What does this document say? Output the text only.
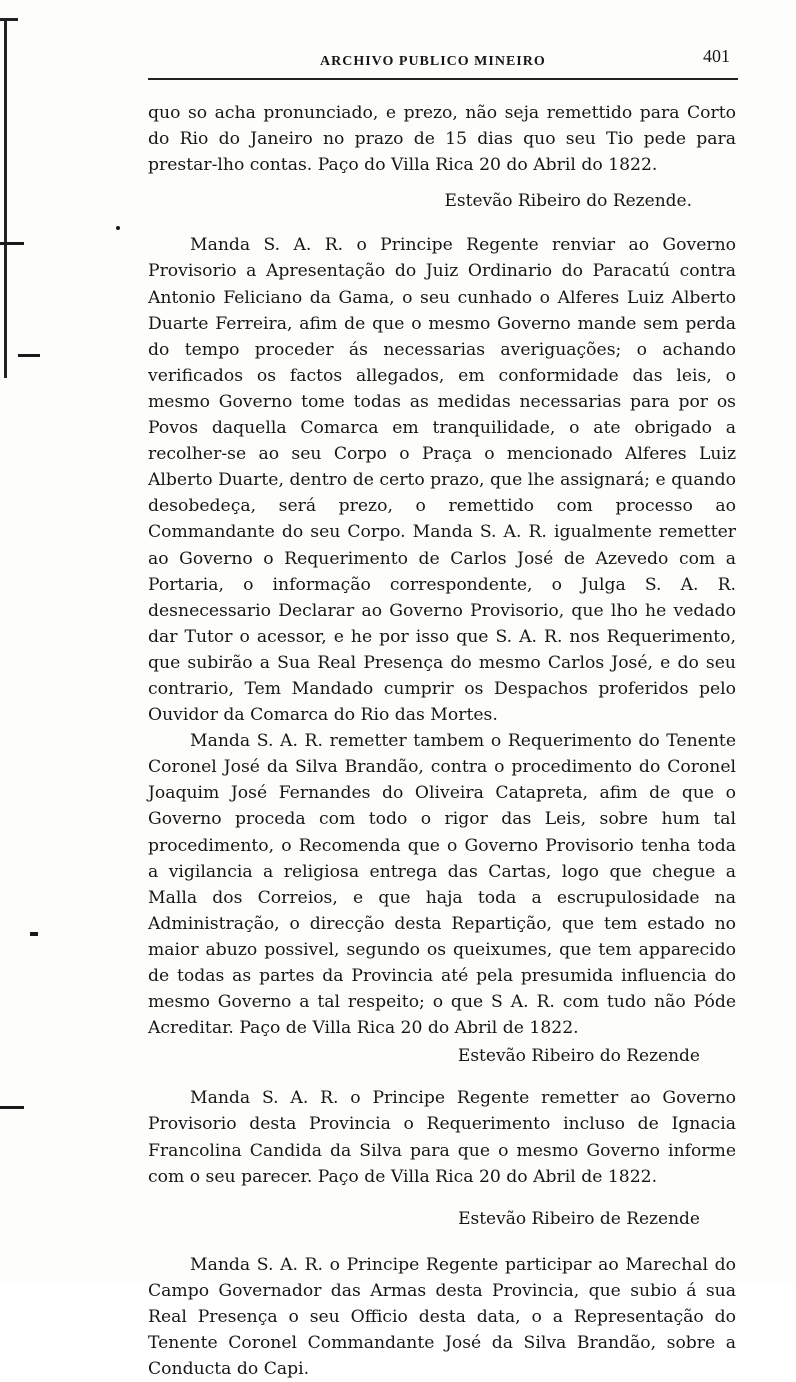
ARCHIVO PUBLICO MINEIRO	401

quo so acha pronunciado, e prezo, não seja remettido para Corto do Rio do Janeiro no prazo de 15 dias quo seu Tio pede para prestar-lho contas. Paço do Villa Rica 20 do Abril do 1822.

Estevão Ribeiro do Rezende.

Manda S. A. R. o Principe Regente renviar ao Governo Provisorio a Apresentação do Juiz Ordinario do Paracatú contra Antonio Feliciano da Gama, o seu cunhado o Alferes Luiz Alberto Duarte Ferreira, afim de que o mesmo Governo mande sem perda do tempo proceder ás necessarias averiguações; o achando verificados os factos allegados, em conformidade das leis, o mesmo Governo tome todas as medidas necessarias para por os Povos daquella Comarca em tranquilidade, o ate obrigado a recolher-se ao seu Corpo o Praça o mencionado Alferes Luiz Alberto Duarte, dentro de certo prazo, que lhe assignará; e quando desobedeça, será prezo, o remettido com processo ao Commandante do seu Corpo. Manda S. A. R. igualmente remetter ao Governo o Requerimento de Carlos José de Azevedo com a Portaria, o informação correspondente, o Julga S. A. R. desnecessario Declarar ao Governo Provisorio, que lho he vedado dar Tutor o acessor, e he por isso que S. A. R. nos Requerimento, que subirão a Sua Real Presença do mesmo Carlos José, e do seu contrario, Tem Mandado cumprir os Despachos proferidos pelo Ouvidor da Comarca do Rio das Mortes.

Manda S. A. R. remetter tambem o Requerimento do Tenente Coronel José da Silva Brandão, contra o procedimento do Coronel Joaquim José Fernandes do Oliveira Catapreta, afim de que o Governo proceda com todo o rigor das Leis, sobre hum tal procedimento, o Recomenda que o Governo Provisorio tenha toda a vigilancia a religiosa entrega das Cartas, logo que chegue a Malla dos Correios, e que haja toda a escrupulosidade na Administração, o direcção desta Repartição, que tem estado no maior abuzo possivel, segundo os queixumes, que tem apparecido de todas as partes da Provincia até pela presumida influencia do mesmo Governo a tal respeito; o que S A. R. com tudo não Póde Acreditar. Paço de Villa Rica 20 do Abril de 1822.

Estevão Ribeiro do Rezende

Manda S. A. R. o Principe Regente remetter ao Governo Provisorio desta Provincia o Requerimento incluso de Ignacia Francolina Candida da Silva para que o mesmo Governo informe com o seu parecer. Paço de Villa Rica 20 do Abril de 1822.

Estevão Ribeiro de Rezende

Manda S. A. R. o Principe Regente participar ao Marechal do Campo Governador das Armas desta Provincia, que subio á sua Real Presença o seu Officio desta data, o a Representação do Tenente Coronel Commandante José da Silva Brandão, sobre a Conducta do Capi.
